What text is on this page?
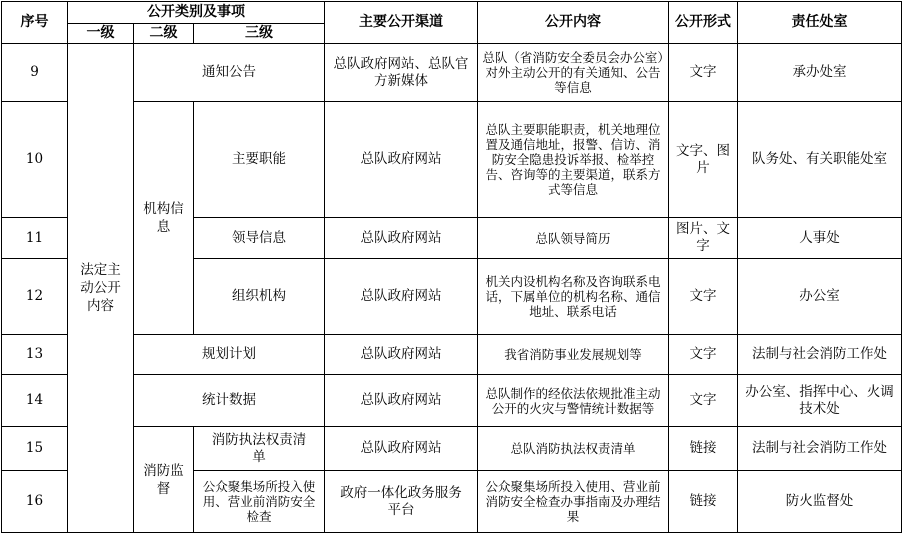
序号	公开类别及事项			主要公开渠道	公开内容	公开形式	责任处室
	一级	二级	三级				
9	法定主动公开内容	通知公告		总队政府网站、总队官方新媒体	总队（省消防安全委员会办公室）对外主动公开的有关通知、公告等信息	文字	承办处室
10		机构信息	主要职能	总队政府网站	总队主要职能职责，机关地理位置及通信地址，报警、信访、消防安全隐患投诉举报、检举控告、咨询等的主要渠道，联系方式等信息	文字、图片	队务处、有关职能处室
11			领导信息	总队政府网站	总队领导简历	图片、文字	人事处
12			组织机构	总队政府网站	机关内设机构名称及咨询联系电话，下属单位的机构名称、通信地址、联系电话	文字	办公室
13		规划计划		总队政府网站	我省消防事业发展规划等	文字	法制与社会消防工作处
14		统计数据		总队政府网站	总队制作的经依法依规批准主动公开的火灾与警情统计数据等	文字	办公室、指挥中心、火调技术处
15		消防监督	消防执法权责清单	总队政府网站	总队消防执法权责清单	链接	法制与社会消防工作处
16			公众聚集场所投入使用、营业前消防安全检查	政府一体化政务服务平台	公众聚集场所投入使用、营业前消防安全检查办事指南及办理结果	链接	防火监督处
